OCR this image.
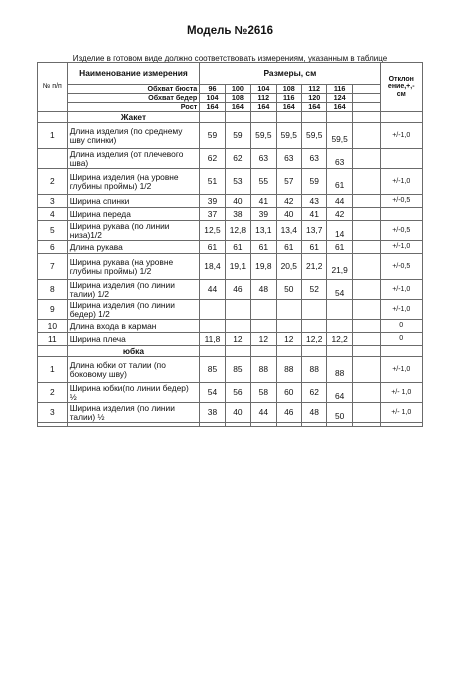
Модель №2616
Изделие в готовом виде должно соответствовать измерениям, указанным в таблице
№ п/п	Наименование измерения	Размеры, см							Отклон ение,+,- см

	Обхват бюста	96	100	104	108	112	116		
	Обхват бедер	104	108	112	116	120	124		
	Рост	164	164	164	164	164	164		
	Жакет								
1	Длина изделия (по среднему шву спинки)	59	59	59,5	59,5	59,5	59,5		+/-1,0
	Длина изделия (от плечевого шва)	62	62	63	63	63	63		
2	Ширина изделия (на уровне глубины проймы) 1/2	51	53	55	57	59	61		+/-1,0
3	Ширина спинки	39	40	41	42	43	44		+/-0,5
4	Ширина переда	37	38	39	40	41	42		
5	Ширина рукава (по линии низа)1/2	12,5	12,8	13,1	13,4	13,7	14		+/-0,5
6	Длина рукава	61	61	61	61	61	61		+/-1,0
7	Ширина рукава (на уровне глубины проймы) 1/2	18,4	19,1	19,8	20,5	21,2	21,9		+/-0,5
8	Ширина изделия (по линии талии) 1/2	44	46	48	50	52	54		+/-1,0
9	Ширина изделия (по линии бедер) 1/2								+/-1,0
10	Длина входа в карман								0
11	Ширина плеча	11,8	12	12	12	12,2	12,2		0
	юбка								
1	Длина юбки от талии (по боковому шву)	85	85	88	88	88	88		+/-1,0
2	Ширина юбки(по линии бедер) ½	54	56	58	60	62	64		+/- 1,0
3	Ширина изделия (по линии талии) ½	38	40	44	46	48	50		+/- 1,0
